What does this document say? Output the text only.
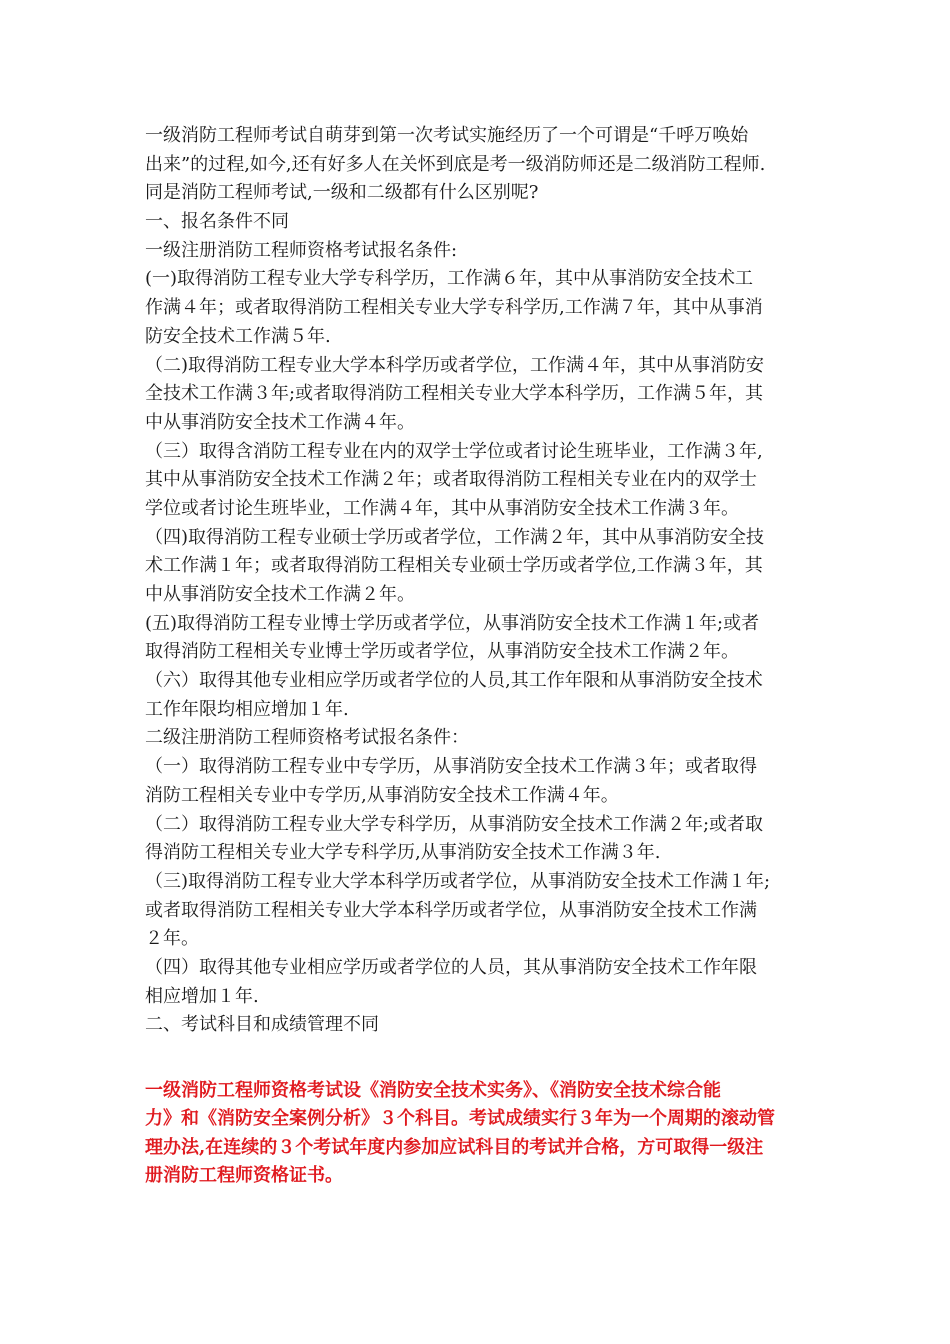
一级消防工程师考试自萌芽到第一次考试实施经历了一个可谓是“千呼万唤始

出来”的过程,如今,还有好多人在关怀到底是考一级消防师还是二级消防工程师.

同是消防工程师考试,一级和二级都有什么区别呢?

一、报名条件不同

一级注册消防工程师资格考试报名条件:

(一)取得消防工程专业大学专科学历，工作满６年，其中从事消防安全技术工

作满４年；或者取得消防工程相关专业大学专科学历,工作满７年，其中从事消

防安全技术工作满５年.

（二)取得消防工程专业大学本科学历或者学位，工作满４年，其中从事消防安

全技术工作满３年;或者取得消防工程相关专业大学本科学历，工作满５年，其

中从事消防安全技术工作满４年。

（三）取得含消防工程专业在内的双学士学位或者讨论生班毕业，工作满３年,

其中从事消防安全技术工作满２年；或者取得消防工程相关专业在内的双学士

学位或者讨论生班毕业，工作满４年，其中从事消防安全技术工作满３年。

（四)取得消防工程专业硕士学历或者学位，工作满２年，其中从事消防安全技

术工作满１年；或者取得消防工程相关专业硕士学历或者学位,工作满３年，其

中从事消防安全技术工作满２年。

(五)取得消防工程专业博士学历或者学位，从事消防安全技术工作满１年;或者

取得消防工程相关专业博士学历或者学位，从事消防安全技术工作满２年。

（六）取得其他专业相应学历或者学位的人员,其工作年限和从事消防安全技术

工作年限均相应增加１年.

二级注册消防工程师资格考试报名条件：

（一）取得消防工程专业中专学历，从事消防安全技术工作满３年；或者取得

消防工程相关专业中专学历,从事消防安全技术工作满４年。

（二）取得消防工程专业大学专科学历，从事消防安全技术工作满２年;或者取

得消防工程相关专业大学专科学历,从事消防安全技术工作满３年.

（三)取得消防工程专业大学本科学历或者学位，从事消防安全技术工作满１年;

或者取得消防工程相关专业大学本科学历或者学位，从事消防安全技术工作满

２年。

（四）取得其他专业相应学历或者学位的人员，其从事消防安全技术工作年限

相应增加１年.

二、考试科目和成绩管理不同

一级消防工程师资格考试设《消防安全技术实务》、《消防安全技术综合能

力》和《消防安全案例分析》３个科目。考试成绩实行３年为一个周期的滚动管

理办法,在连续的３个考试年度内参加应试科目的考试并合格，方可取得一级注

册消防工程师资格证书。
